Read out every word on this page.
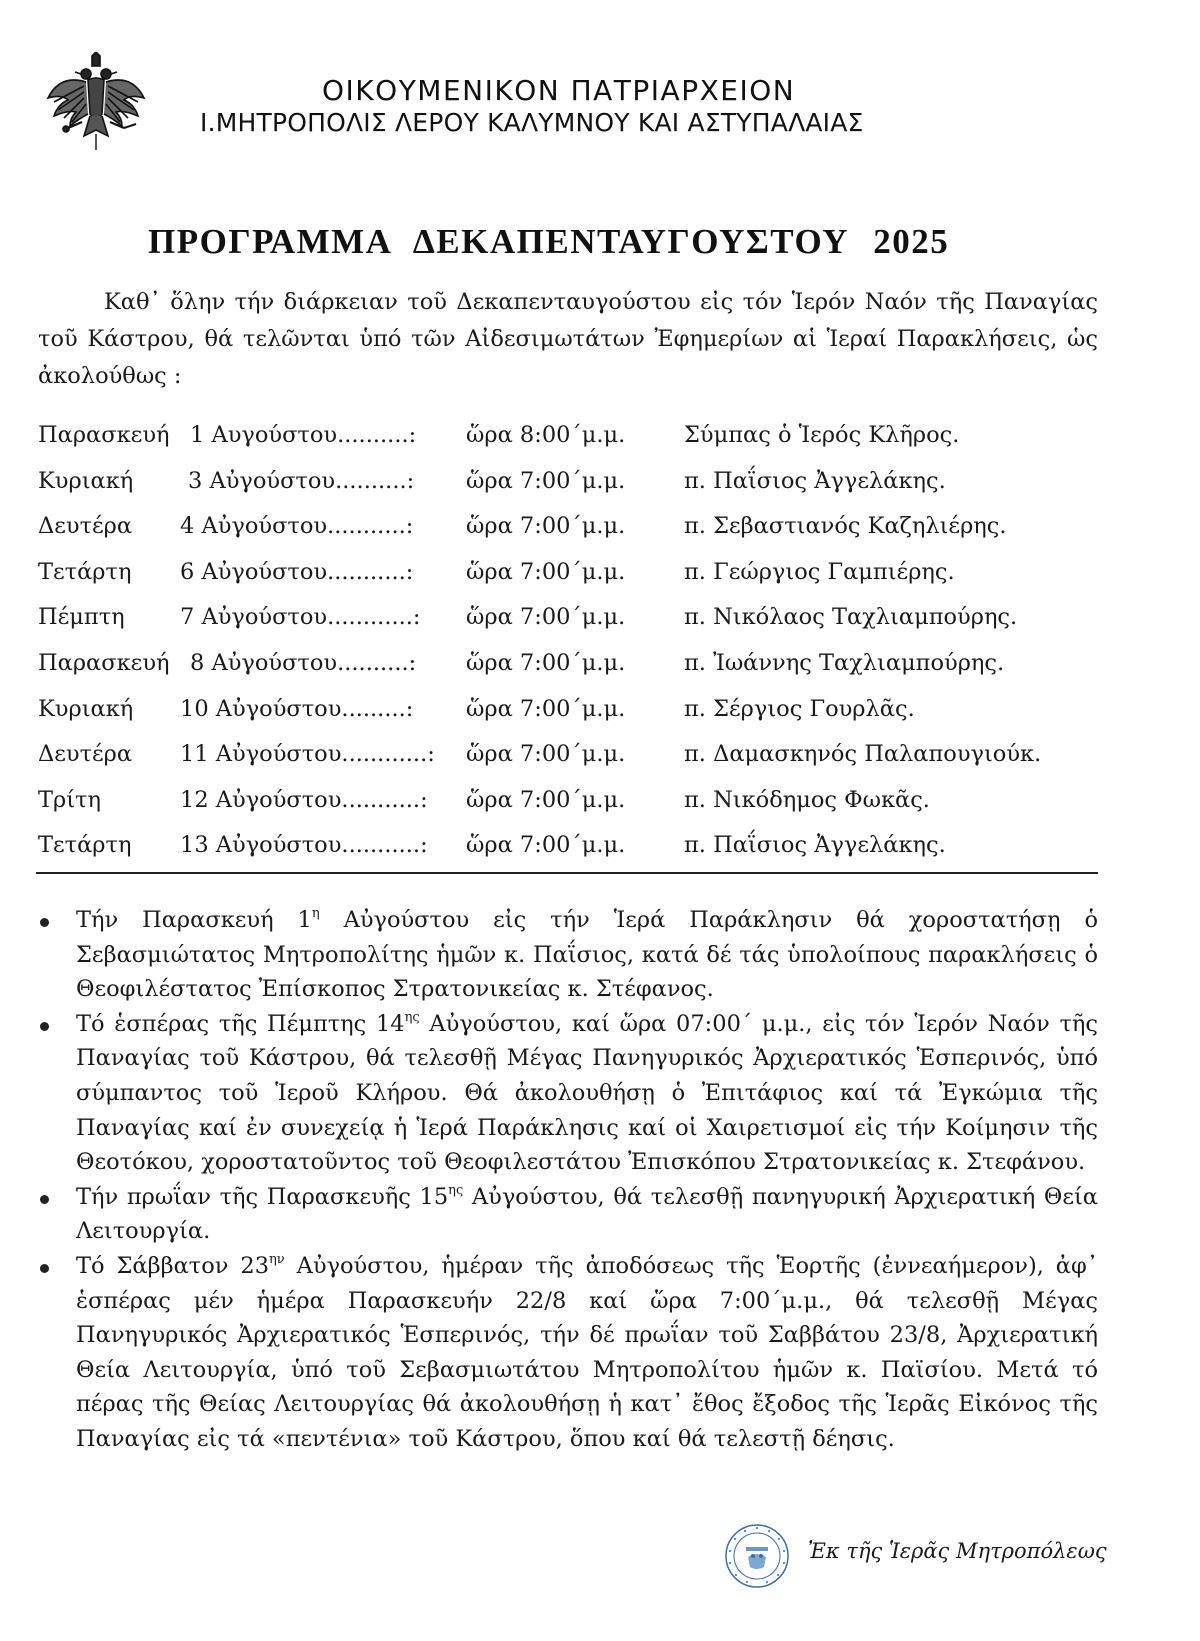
ΟΙΚΟΥΜΕΝΙΚΟΝ ΠΑΤΡΙΑΡΧΕΙΟΝ
Ι.ΜΗΤΡΟΠΟΛΙΣ ΛΕΡΟΥ ΚΑΛΥΜΝΟΥ ΚΑΙ ΑΣΤΥΠΑΛΑΙΑΣ
ΠΡΟΓΡΑΜΜΑ ΔΕΚΑΠΕΝΤΑΥΓΟΥΣΤΟΥ 2025
Καθ᾽ ὅλην τήν διάρκειαν τοῦ Δεκαπενταυγούστου εἰς τόν Ἱερόν Ναόν τῆς Παναγίας τοῦ Κάστρου, θά τελῶνται ὑπό τῶν Αἰδεσιμωτάτων Ἐφημερίων αἱ Ἱεραί Παρακλήσεις, ὡς ἀκολούθως :
Παρασκευή 1 Αυγούστου..........: ὥρα 8:00΄μ.μ.	Σύμπας ὁ Ἱερός Κλῆρος.
Κυριακή 3 Αὐγούστου..........: ὥρα 7:00΄μ.μ.	π. Παΐσιος Ἀγγελάκης.
Δευτέρα 4 Αὐγούστου...........: ὥρα 7:00΄μ.μ.	π. Σεβαστιανός Καζηλιέρης.
Τετάρτη 6 Αὐγούστου...........: ὥρα 7:00΄μ.μ.	π. Γεώργιος Γαμπιέρης.
Πέμπτη 7 Αὐγούστου............: ὥρα 7:00΄μ.μ.	π. Νικόλαος Ταχλιαμπούρης.
Παρασκευή 8 Αὐγούστου..........: ὥρα 7:00΄μ.μ.	π. Ἰωάννης Ταχλιαμπούρης.
Κυριακή 10 Αὐγούστου.........: ὥρα 7:00΄μ.μ.	π. Σέργιος Γουρλᾶς.
Δευτέρα 11 Αὐγούστου............: ὥρα 7:00΄μ.μ.	π. Δαμασκηνός Παλαπουγιούκ.
Τρίτη	12 Αὐγούστου...........: ὥρα 7:00΄μ.μ.	π. Νικόδημος Φωκᾶς.
Τετάρτη 13 Αὐγούστου...........: ὥρα 7:00΄μ.μ.	π. Παΐσιος Ἀγγελάκης.
Τήν Παρασκευή $1^\eta$ Αὐγούστου εἰς τήν Ἱερά Παράκλησιν θά χοροστατήσῃ ὁ Σεβασμιώτατος Μητροπολίτης ἡμῶν κ. Παΐσιος, κατά δέ τάς ὑπολοίπους παρακλήσεις ὁ Θεοφιλέστατος Ἐπίσκοπος Στρατονικείας κ. Στέφανος.
Τό ἑσπέρας τῆς Πέμπτης $14^{\eta\varsigma}$ Αὐγούστου, καί ὥρα 07:00΄ μ.μ., εἰς τόν Ἱερόν Ναόν τῆς Παναγίας τοῦ Κάστρου, θά τελεσθῇ Μέγας Πανηγυρικός Ἀρχιερατικός Ἑσπερινός, ὑπό σύμπαντος τοῦ Ἱεροῦ Κλήρου. Θά ἀκολουθήσῃ ὁ Ἐπιτάφιος καί τά Ἐγκώμια τῆς Παναγίας καί ἐν συνεχείᾳ ἡ Ἱερά Παράκλησις καί οἱ Χαιρετισμοί εἰς τήν Κοίμησιν τῆς Θεοτόκου, χοροστατοῦντος τοῦ Θεοφιλεστάτου Ἐπισκόπου Στρατονικείας κ. Στεφάνου.
Τήν πρωΐαν τῆς Παρασκευῆς $15^{\eta\varsigma}$ Αὐγούστου, θά τελεσθῇ πανηγυρική Ἀρχιερατική Θεία Λειτουργία.
Τό Σάββατον $23^{\eta\nu}$ Αὐγούστου, ἡμέραν τῆς ἀποδόσεως τῆς Ἑορτῆς (ἐννεαήμερον), ἀφ᾽ ἑσπέρας μέν ἡμέρα Παρασκευήν 22/8 καί ὥρα 7:00΄μ.μ., θά τελεσθῇ Μέγας Πανηγυρικός Ἀρχιερατικός Ἑσπερινός, τήν δέ πρωΐαν τοῦ Σαββάτου 23/8, Ἀρχιερατική Θεία Λειτουργία, ὑπό τοῦ Σεβασμιωτάτου Μητροπολίτου ἡμῶν κ. Παϊσίου. Μετά τό πέρας τῆς Θείας Λειτουργίας θά ἀκολουθήσῃ ἡ κατ᾽ ἔθος ἔξοδος τῆς Ἱερᾶς Εἰκόνος τῆς Παναγίας εἰς τά «πεντένια» τοῦ Κάστρου, ὅπου καί θά τελεστῇ δέησις.
Ἐκ τῆς Ἱερᾶς Μητροπόλεως
